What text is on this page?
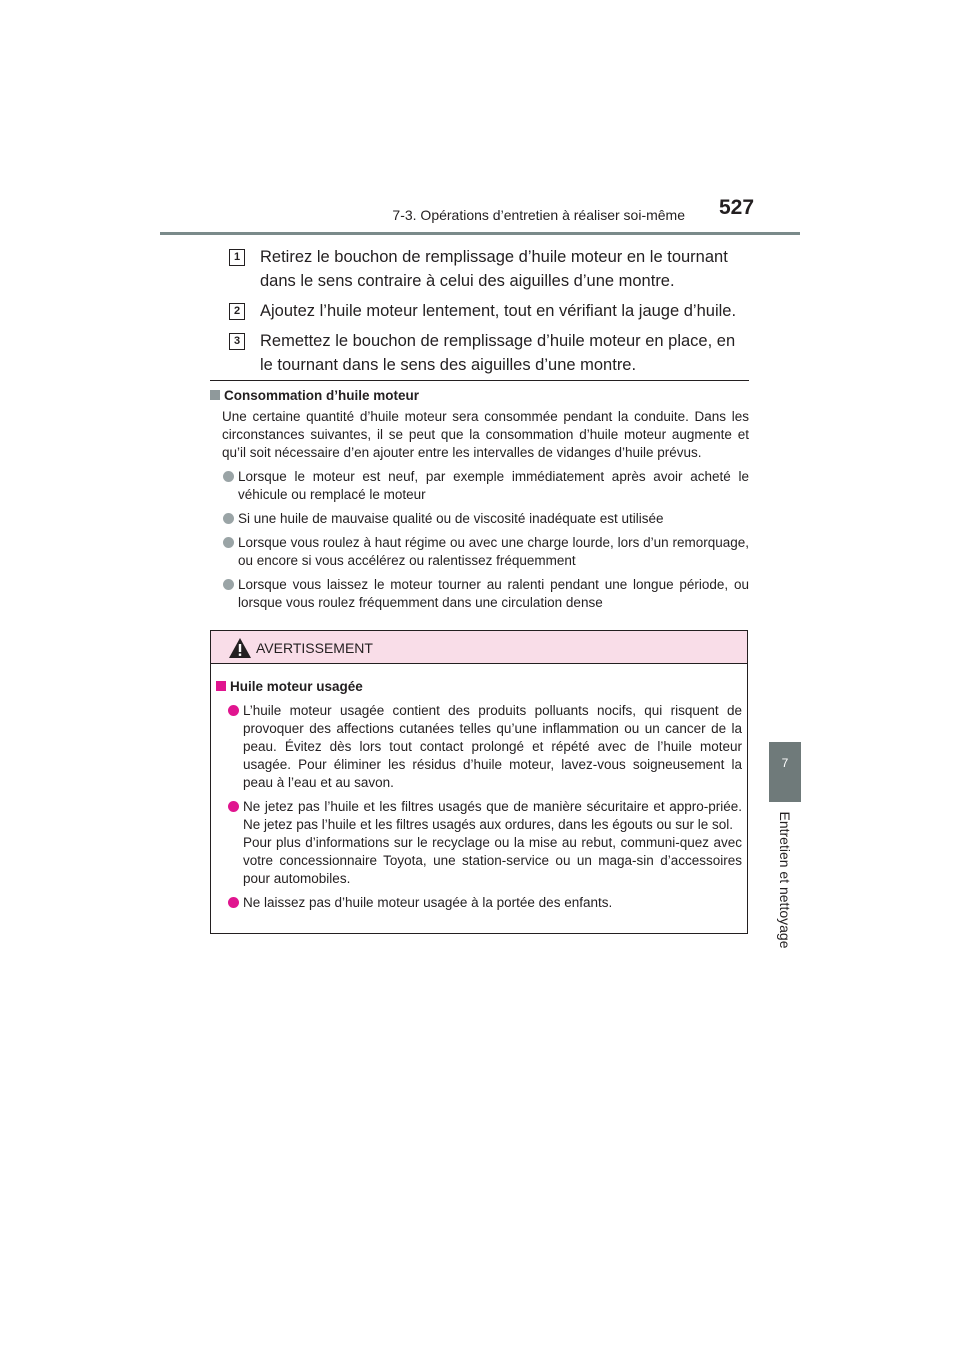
7-3. Opérations d’entretien à réaliser soi-même 527
7
Entretien et nettoyage
1 Retirez le bouchon de remplissage d’huile moteur en le tournant dans le sens contraire à celui des aiguilles d’une montre.
2 Ajoutez l’huile moteur lentement, tout en vérifiant la jauge d’huile.
3 Remettez le bouchon de remplissage d’huile moteur en place, en le tournant dans le sens des aiguilles d’une montre.
Consommation d’huile moteur
Une certaine quantité d’huile moteur sera consommée pendant la conduite. Dans les circonstances suivantes, il se peut que la consommation d’huile moteur augmente et qu’il soit nécessaire d’en ajouter entre les intervalles de vidanges d’huile prévus.
Lorsque le moteur est neuf, par exemple immédiatement après avoir acheté le véhicule ou remplacé le moteur
Si une huile de mauvaise qualité ou de viscosité inadéquate est utilisée
Lorsque vous roulez à haut régime ou avec une charge lourde, lors d’un remorquage, ou encore si vous accélérez ou ralentissez fréquemment
Lorsque vous laissez le moteur tourner au ralenti pendant une longue période, ou lorsque vous roulez fréquemment dans une circulation dense
AVERTISSEMENT
Huile moteur usagée
L’huile moteur usagée contient des produits polluants nocifs, qui risquent de provoquer des affections cutanées telles qu’une inflammation ou un cancer de la peau. Évitez dès lors tout contact prolongé et répété avec de l’huile moteur usagée. Pour éliminer les résidus d’huile moteur, lavez-vous soigneusement la peau à l’eau et au savon.
Ne jetez pas l’huile et les filtres usagés que de manière sécuritaire et appro-priée. Ne jetez pas l’huile et les filtres usagés aux ordures, dans les égouts ou sur le sol.
Pour plus d’informations sur le recyclage ou la mise au rebut, communi-quez avec votre concessionnaire Toyota, une station-service ou un maga-sin d’accessoires pour automobiles.
Ne laissez pas d’huile moteur usagée à la portée des enfants.
